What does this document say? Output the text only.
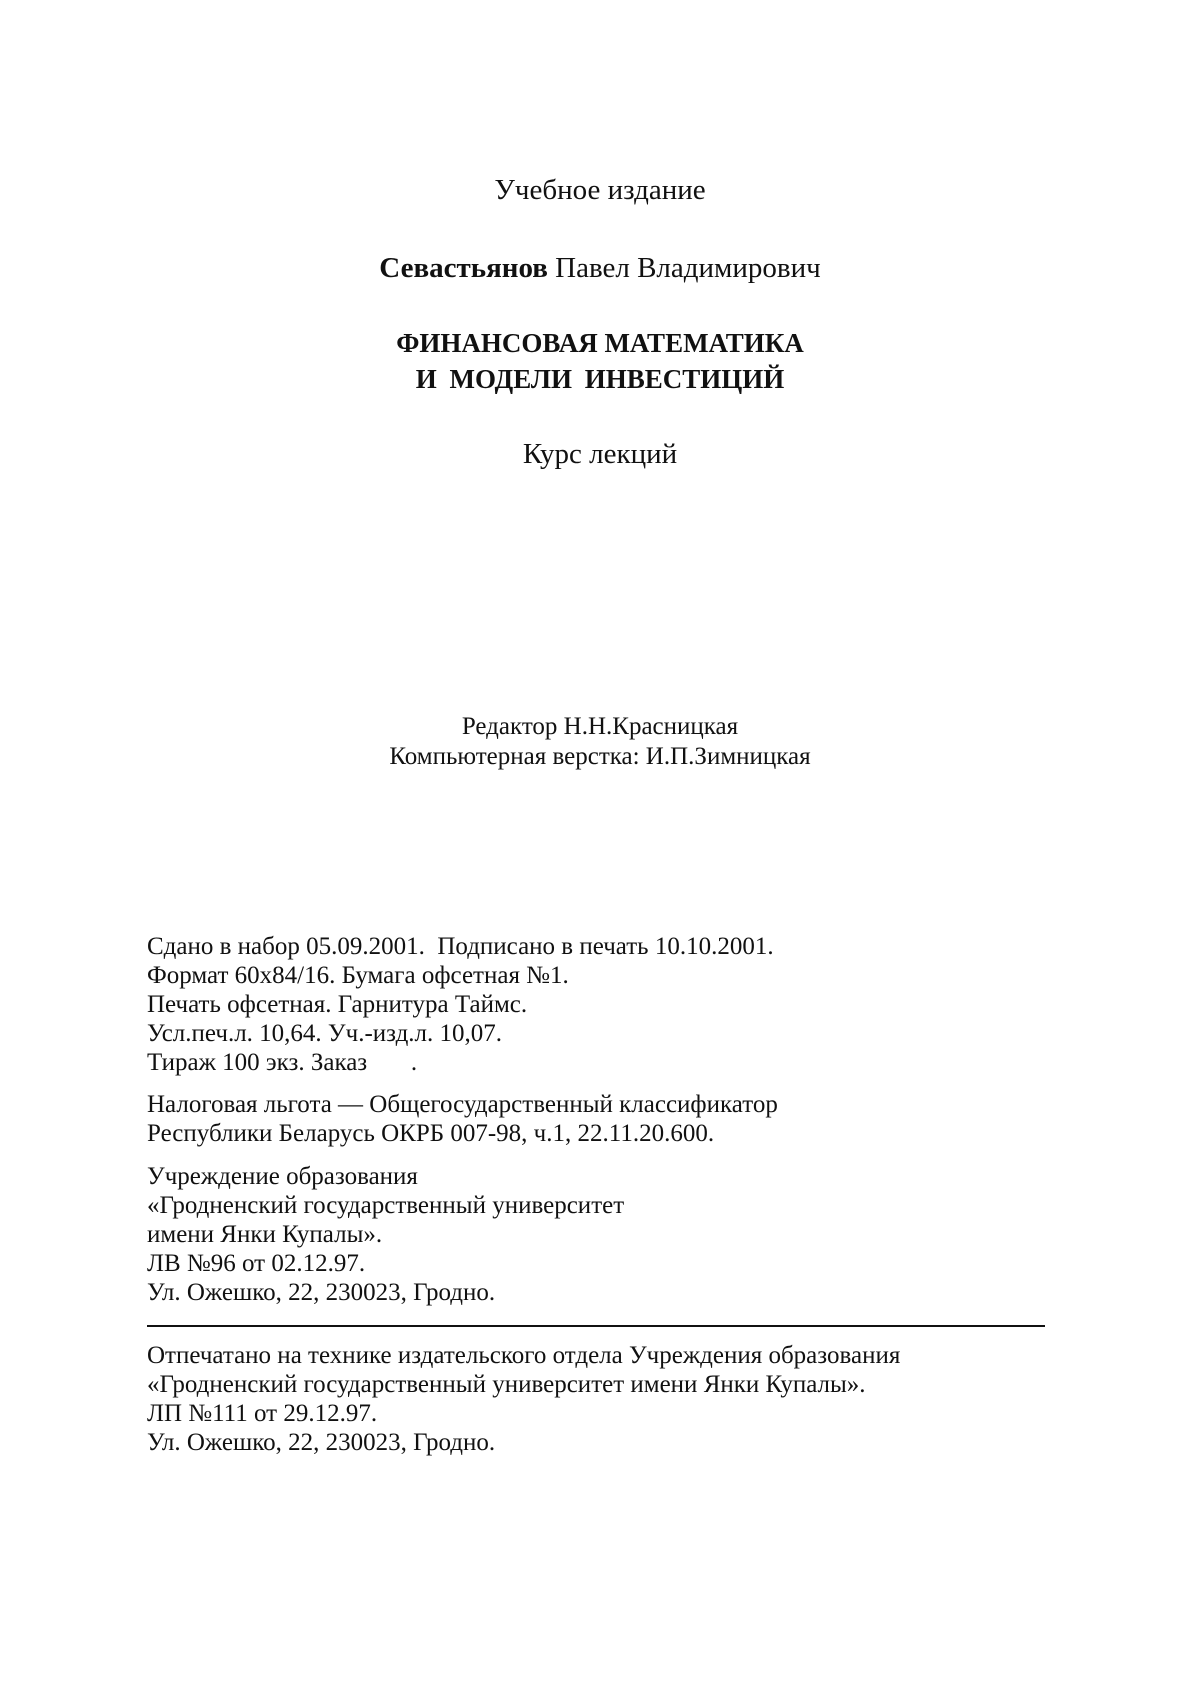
Учебное издание

Севастьянов Павел Владимирович

ФИНАНСОВАЯ МАТЕМАТИКА
И МОДЕЛИ ИНВЕСТИЦИЙ

Курс лекций

Редактор Н.Н.Красницкая
Компьютерная верстка: И.П.Зимницкая
Сдано в набор 05.09.2001.  Подписано в печать 10.10.2001.
Формат 60х84/16. Бумага офсетная №1.
Печать офсетная. Гарнитура Таймс.
Усл.печ.л. 10,64. Уч.-изд.л. 10,07.
Тираж 100 экз. Заказ       .
Налоговая льгота — Общегосударственный классификатор
Республики Беларусь ОКРБ 007-98, ч.1, 22.11.20.600.
Учреждение образования
«Гродненский государственный университет
имени Янки Купалы».
ЛВ №96 от 02.12.97.
Ул. Ожешко, 22, 230023, Гродно.
Отпечатано на технике издательского отдела Учреждения образования
«Гродненский государственный университет имени Янки Купалы».
ЛП №111 от 29.12.97.
Ул. Ожешко, 22, 230023, Гродно.
